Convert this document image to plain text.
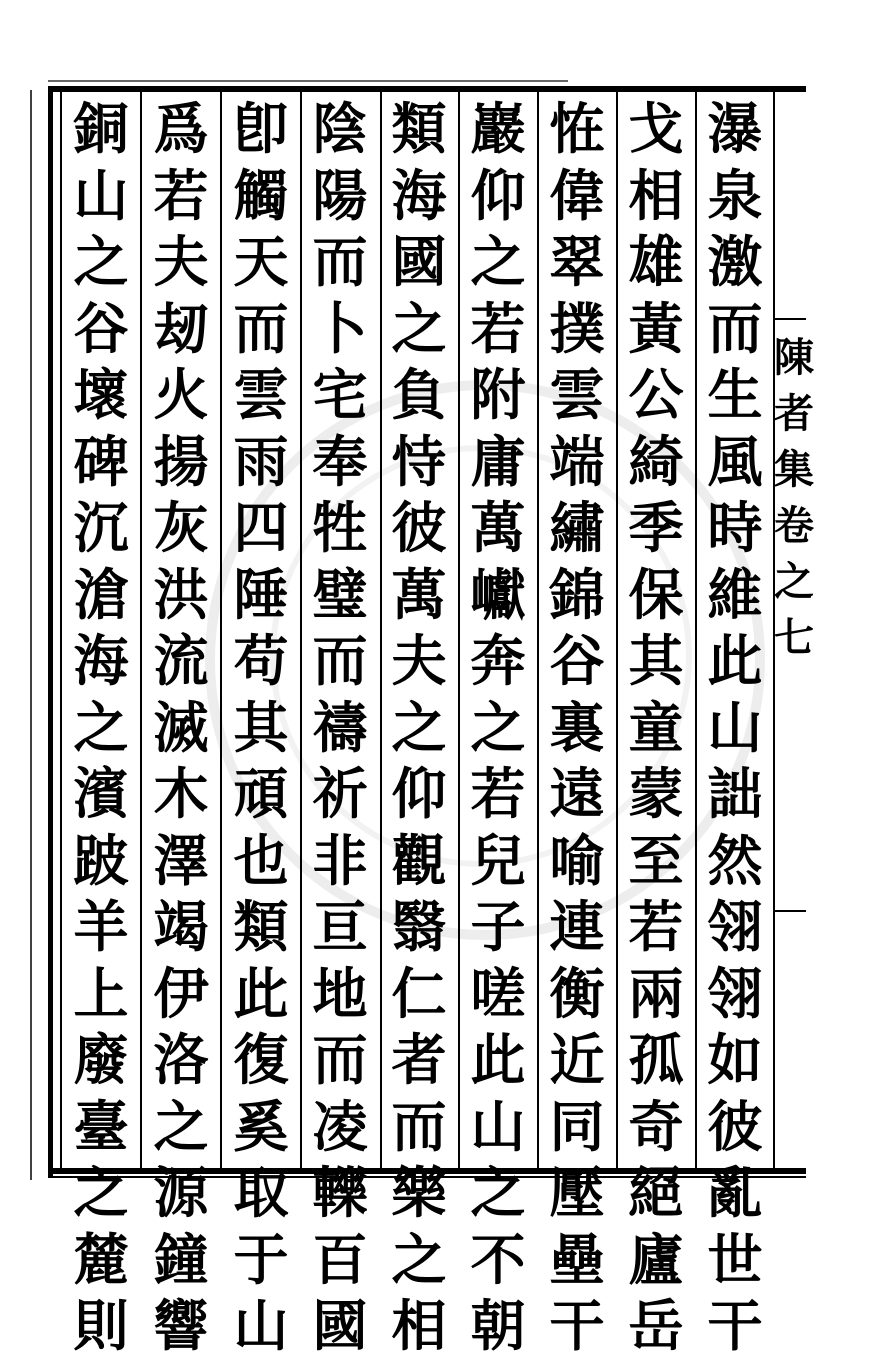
陳
者
集
卷
之
七
瀑
泉
激
而
生
風
時
維
此
山
詘
然
翎
翎
如
彼
亂
世
干
戈
相
雄
黃
公
綺
季
保
其
童
蒙
至
若
兩
孤
奇
絕
廬
岳
恠
偉
翠
撲
雲
端
繡
錦
谷
裏
遠
喻
連
衡
近
同
壓
壘
干
巖
仰
之
若
附
庸
萬
巘
奔
之
若
兒
子
嗟
此
山
之
不
朝
類
海
國
之
負
恃
彼
萬
夫
之
仰
觀
翳
仁
者
而
樂
之
相
陰
陽
而
卜
宅
奉
牲
璧
而
禱
祈
非
亘
地
而
凌
轢
百
國
卽
觸
天
而
雲
雨
四
陲
苟
其
頑
也
類
此
復
奚
取
于
山
爲
若
夫
刼
火
揚
灰
洪
流
滅
木
澤
竭
伊
洛
之
源
鐘
響
銅
山
之
谷
壞
碑
沉
滄
海
之
濱
跛
羊
上
廢
臺
之
麓
則
